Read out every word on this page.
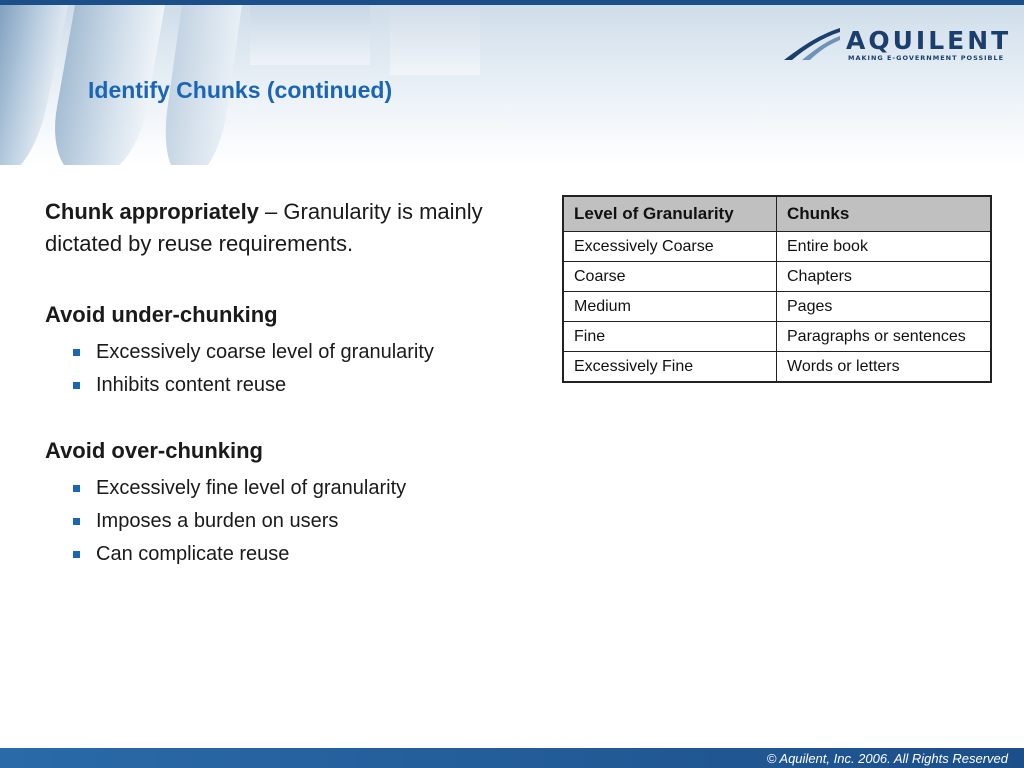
AQUILENT
MAKING E-GOVERNMENT POSSIBLE
Identify Chunks (continued)

Chunk appropriately – Granularity is mainly dictated by reuse requirements.

Avoid under-chunking

Excessively coarse level of granularity
Inhibits content reuse

Avoid over-chunking

Excessively fine level of granularity
Imposes a burden on users
Can complicate reuse
Level of Granularity	Chunks
Excessively Coarse	Entire book
Coarse	Chapters
Medium	Pages
Fine	Paragraphs or sentences
Excessively Fine	Words or letters
© Aquilent, Inc. 2006. All Rights Reserved
